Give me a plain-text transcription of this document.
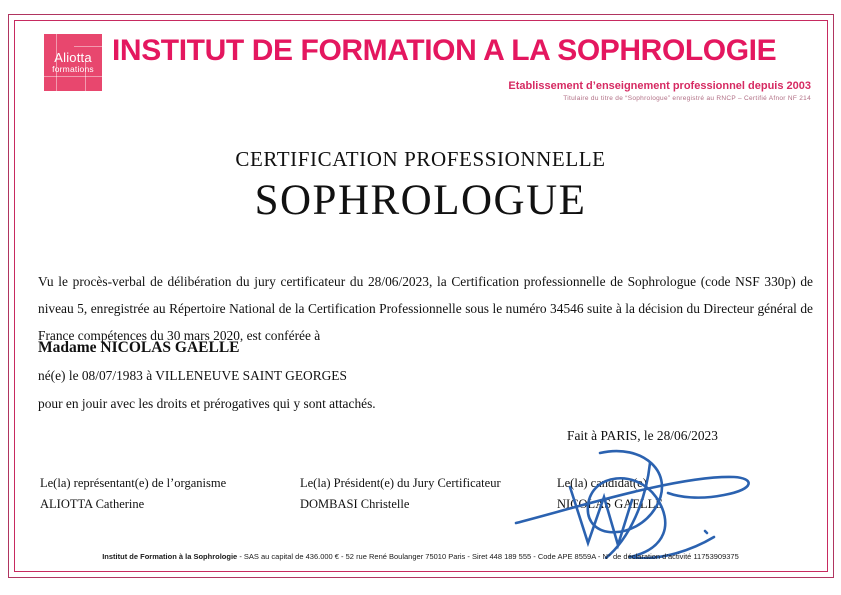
Aliotta
formations
INSTITUT DE FORMATION A LA SOPHROLOGIE
Etablissement d’enseignement professionnel depuis 2003
Titulaire du titre de “Sophrologue” enregistré au RNCP – Certifié Afnor NF 214
CERTIFICATION PROFESSIONNELLE
SOPHROLOGUE

Vu le procès-verbal de délibération du jury certificateur du 28/06/2023, la Certification professionnelle de Sophrologue (code NSF 330p) de niveau 5, enregistrée au Répertoire National de la Certification Professionnelle sous le numéro 34546 suite à la décision du Directeur général de France compétences du 30 mars 2020, est conférée à

Madame NICOLAS GAELLE
né(e) le 08/07/1983 à VILLENEUVE SAINT GEORGES
pour en jouir avec les droits et prérogatives qui y sont attachés.
Fait à PARIS, le 28/06/2023
Le(la) représentant(e) de l’organisme
ALIOTTA Catherine
Le(la) Président(e) du Jury Certificateur
DOMBASI Christelle
Le(la) candidat(e)
NICOLAS GAELLE
Institut de Formation à la Sophrologie - SAS au capital de 436.000 € - 52 rue René Boulanger 75010 Paris - Siret 448 189 555 - Code APE 8559A - N° de déclaration d’activité 11753909375
